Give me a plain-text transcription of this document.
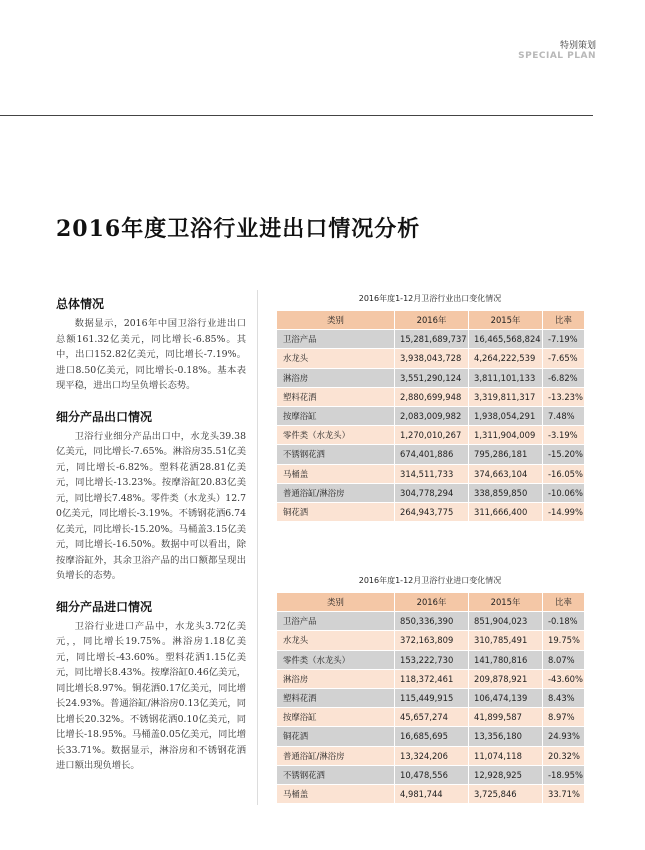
特别策划
SPECIAL PLAN
2016年度卫浴行业进出口情况分析
总体情况

数据显示，2016年中国卫浴行业进出口总额161.32亿美元，同比增长-6.85%。其中，出口152.82亿美元，同比增长-7.19%。进口8.50亿美元，同比增长-0.18%。基本表现平稳，进出口均呈负增长态势。

细分产品出口情况

卫浴行业细分产品出口中，水龙头39.38亿美元，同比增长-7.65%。淋浴房35.51亿美元，同比增长-6.82%。塑料花洒28.81亿美元，同比增长-13.23%。按摩浴缸20.83亿美元，同比增长7.48%。零件类（水龙头）12.70亿美元，同比增长-3.19%。不锈钢花洒6.74亿美元，同比增长-15.20%。马桶盖3.15亿美元，同比增长-16.50%。数据中可以看出，除按摩浴缸外，其余卫浴产品的出口额都呈现出负增长的态势。

细分产品进口情况

卫浴行业进口产品中，水龙头3.72亿美元，，同比增长19.75%。淋浴房1.18亿美元，同比增长-43.60%。塑料花洒1.15亿美元，同比增长8.43%。按摩浴缸0.46亿美元，同比增长8.97%。铜花洒0.17亿美元，同比增长24.93%。普通浴缸/淋浴房0.13亿美元，同比增长20.32%。不锈钢花洒0.10亿美元，同比增长-18.95%。马桶盖0.05亿美元，同比增长33.71%。数据显示，淋浴房和不锈钢花洒进口额出现负增长。

2016年度1-12月卫浴行业出口变化情况
类别	2016年	2015年	比率
卫浴产品	15,281,689,737	16,465,568,824	-7.19%
水龙头	3,938,043,728	4,264,222,539	-7.65%
淋浴房	3,551,290,124	3,811,101,133	-6.82%
塑料花洒	2,880,699,948	3,319,811,317	-13.23%
按摩浴缸	2,083,009,982	1,938,054,291	7.48%
零件类（水龙头）	1,270,010,267	1,311,904,009	-3.19%
不锈钢花洒	674,401,886	795,286,181	-15.20%
马桶盖	314,511,733	374,663,104	-16.05%
普通浴缸/淋浴房	304,778,294	338,859,850	-10.06%
铜花洒	264,943,775	311,666,400	-14.99%
2016年度1-12月卫浴行业进口变化情况
类别	2016年	2015年	比率
卫浴产品	850,336,390	851,904,023	-0.18%
水龙头	372,163,809	310,785,491	19.75%
零件类（水龙头）	153,222,730	141,780,816	8.07%
淋浴房	118,372,461	209,878,921	-43.60%
塑料花洒	115,449,915	106,474,139	8.43%
按摩浴缸	45,657,274	41,899,587	8.97%
铜花洒	16,685,695	13,356,180	24.93%
普通浴缸/淋浴房	13,324,206	11,074,118	20.32%
不锈钢花洒	10,478,556	12,928,925	-18.95%
马桶盖	4,981,744	3,725,846	33.71%
